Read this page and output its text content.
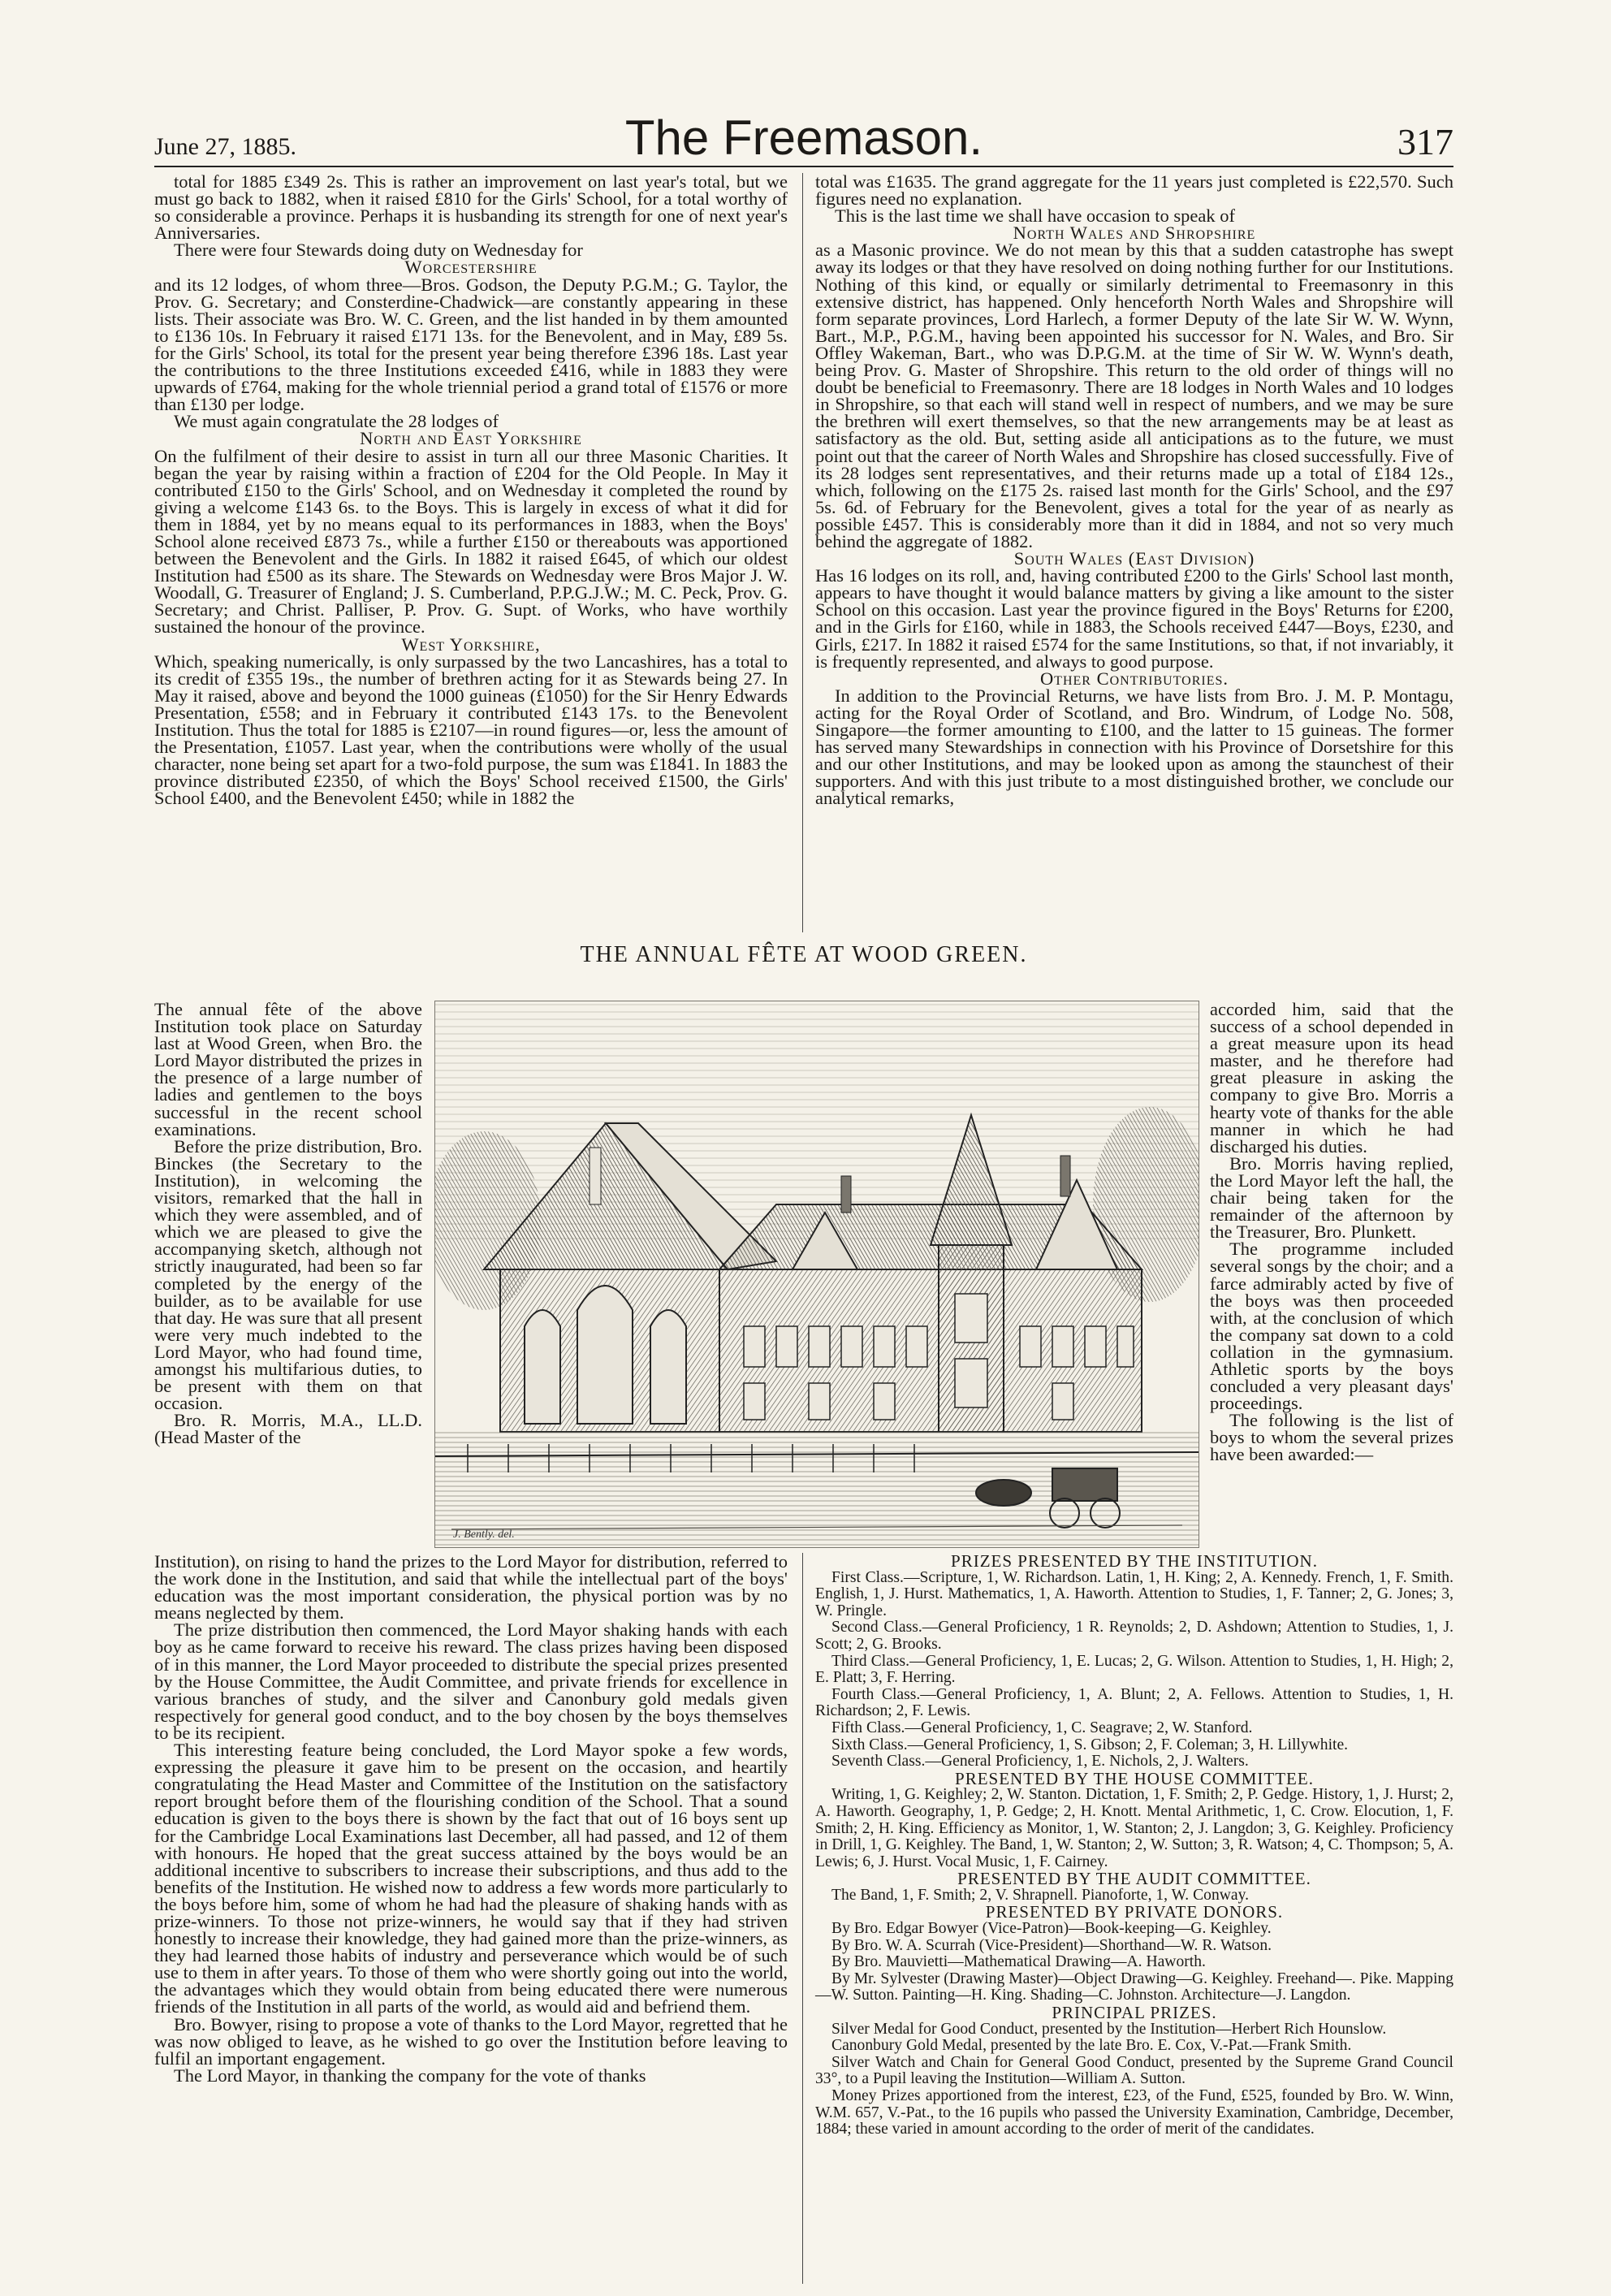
June 27, 1885.	The Freemason.	317

total for 1885 £349 2s. This is rather an improvement on last year's total, but we must go back to 1882, when it raised £810 for the Girls' School, for a total worthy of so considerable a province. Perhaps it is husbanding its strength for one of next year's Anniversaries.

There were four Stewards doing duty on Wednesday for

Worcestershire

and its 12 lodges, of whom three—Bros. Godson, the Deputy P.G.M.; G. Taylor, the Prov. G. Secretary; and Consterdine-Chadwick—are constantly appearing in these lists. Their associate was Bro. W. C. Green, and the list handed in by them amounted to £136 10s. In February it raised £171 13s. for the Benevolent, and in May, £89 5s. for the Girls' School, its total for the present year being therefore £396 18s. Last year the contributions to the three Institutions exceeded £416, while in 1883 they were upwards of £764, making for the whole triennial period a grand total of £1576 or more than £130 per lodge.

We must again congratulate the 28 lodges of

North and East Yorkshire

On the fulfilment of their desire to assist in turn all our three Masonic Charities. It began the year by raising within a fraction of £204 for the Old People. In May it contributed £150 to the Girls' School, and on Wednesday it completed the round by giving a welcome £143 6s. to the Boys. This is largely in excess of what it did for them in 1884, yet by no means equal to its performances in 1883, when the Boys' School alone received £873 7s., while a further £150 or thereabouts was apportioned between the Benevolent and the Girls. In 1882 it raised £645, of which our oldest Institution had £500 as its share. The Stewards on Wednesday were Bros Major J. W. Woodall, G. Treasurer of England; J. S. Cumberland, P.P.G.J.W.; M. C. Peck, Prov. G. Secretary; and Christ. Palliser, P. Prov. G. Supt. of Works, who have worthily sustained the honour of the province.

West Yorkshire,

Which, speaking numerically, is only surpassed by the two Lancashires, has a total to its credit of £355 19s., the number of brethren acting for it as Stewards being 27. In May it raised, above and beyond the 1000 guineas (£1050) for the Sir Henry Edwards Presentation, £558; and in February it contributed £143 17s. to the Benevolent Institution. Thus the total for 1885 is £2107—in round figures—or, less the amount of the Presentation, £1057. Last year, when the contributions were wholly of the usual character, none being set apart for a two-fold purpose, the sum was £1841. In 1883 the province distributed £2350, of which the Boys' School received £1500, the Girls' School £400, and the Benevolent £450; while in 1882 the

total was £1635. The grand aggregate for the 11 years just completed is £22,570. Such figures need no explanation.

This is the last time we shall have occasion to speak of

North Wales and Shropshire

as a Masonic province. We do not mean by this that a sudden catastrophe has swept away its lodges or that they have resolved on doing nothing further for our Institutions. Nothing of this kind, or equally or similarly detrimental to Freemasonry in this extensive district, has happened. Only henceforth North Wales and Shropshire will form separate provinces, Lord Harlech, a former Deputy of the late Sir W. W. Wynn, Bart., M.P., P.G.M., having been appointed his successor for N. Wales, and Bro. Sir Offley Wakeman, Bart., who was D.P.G.M. at the time of Sir W. W. Wynn's death, being Prov. G. Master of Shropshire. This return to the old order of things will no doubt be beneficial to Freemasonry. There are 18 lodges in North Wales and 10 lodges in Shropshire, so that each will stand well in respect of numbers, and we may be sure the brethren will exert themselves, so that the new arrangements may be at least as satisfactory as the old. But, setting aside all anticipations as to the future, we must point out that the career of North Wales and Shropshire has closed successfully. Five of its 28 lodges sent representatives, and their returns made up a total of £184 12s., which, following on the £175 2s. raised last month for the Girls' School, and the £97 5s. 6d. of February for the Benevolent, gives a total for the year of as nearly as possible £457. This is considerably more than it did in 1884, and not so very much behind the aggregate of 1882.

South Wales (East Division)

Has 16 lodges on its roll, and, having contributed £200 to the Girls' School last month, appears to have thought it would balance matters by giving a like amount to the sister School on this occasion. Last year the province figured in the Boys' Returns for £200, and in the Girls for £160, while in 1883, the Schools received £447—Boys, £230, and Girls, £217. In 1882 it raised £574 for the same Institutions, so that, if not invariably, it is frequently represented, and always to good purpose.

Other Contributories.

In addition to the Provincial Returns, we have lists from Bro. J. M. P. Montagu, acting for the Royal Order of Scotland, and Bro. Windrum, of Lodge No. 508, Singapore—the former amounting to £100, and the latter to 15 guineas. The former has served many Stewardships in connection with his Province of Dorsetshire for this and our other Institutions, and may be looked upon as among the staunchest of their supporters. And with this just tribute to a most distinguished brother, we conclude our analytical remarks,

THE ANNUAL FÊTE AT WOOD GREEN.

The annual fête of the above Institution took place on Saturday last at Wood Green, when Bro. the Lord Mayor distributed the prizes in the presence of a large number of ladies and gentlemen to the boys successful in the recent school examinations.

Before the prize distribution, Bro. Binckes (the Secretary to the Institution), in welcoming the visitors, remarked that the hall in which they were assembled, and of which we are pleased to give the accompanying sketch, although not strictly inaugurated, had been so far completed by the energy of the builder, as to be available for use that day. He was sure that all present were very much indebted to the Lord Mayor, who had found time, amongst his multifarious duties, to be present with them on that occasion.

Bro. R. Morris, M.A., LL.D. (Head Master of the

J. Bently. del.

accorded him, said that the success of a school depended in a great measure upon its head master, and he therefore had great pleasure in asking the company to give Bro. Morris a hearty vote of thanks for the able manner in which he had discharged his duties.

Bro. Morris having replied, the Lord Mayor left the hall, the chair being taken for the remainder of the afternoon by the Treasurer, Bro. Plunkett.

The programme included several songs by the choir; and a farce admirably acted by five of the boys was then proceeded with, at the conclusion of which the company sat down to a cold collation in the gymnasium. Athletic sports by the boys concluded a very pleasant days' proceedings.

The following is the list of boys to whom the several prizes have been awarded:—

Institution), on rising to hand the prizes to the Lord Mayor for distribution, referred to the work done in the Institution, and said that while the intellectual part of the boys' education was the most important consideration, the physical portion was by no means neglected by them.

The prize distribution then commenced, the Lord Mayor shaking hands with each boy as he came forward to receive his reward. The class prizes having been disposed of in this manner, the Lord Mayor proceeded to distribute the special prizes presented by the House Committee, the Audit Committee, and private friends for excellence in various branches of study, and the silver and Canonbury gold medals given respectively for general good conduct, and to the boy chosen by the boys themselves to be its recipient.

This interesting feature being concluded, the Lord Mayor spoke a few words, expressing the pleasure it gave him to be present on the occasion, and heartily congratulating the Head Master and Committee of the Institution on the satisfactory report brought before them of the flourishing condition of the School. That a sound education is given to the boys there is shown by the fact that out of 16 boys sent up for the Cambridge Local Examinations last December, all had passed, and 12 of them with honours. He hoped that the great success attained by the boys would be an additional incentive to subscribers to increase their subscriptions, and thus add to the benefits of the Institution. He wished now to address a few words more particularly to the boys before him, some of whom he had had the pleasure of shaking hands with as prize-winners. To those not prize-winners, he would say that if they had striven honestly to increase their knowledge, they had gained more than the prize-winners, as they had learned those habits of industry and perseverance which would be of such use to them in after years. To those of them who were shortly going out into the world, the advantages which they would obtain from being educated there were numerous friends of the Institution in all parts of the world, as would aid and befriend them.

Bro. Bowyer, rising to propose a vote of thanks to the Lord Mayor, regretted that he was now obliged to leave, as he wished to go over the Institution before leaving to fulfil an important engagement.

The Lord Mayor, in thanking the company for the vote of thanks

PRIZES PRESENTED BY THE INSTITUTION.

First Class.—Scripture, 1, W. Richardson. Latin, 1, H. King; 2, A. Kennedy. French, 1, F. Smith. English, 1, J. Hurst. Mathematics, 1, A. Haworth. Attention to Studies, 1, F. Tanner; 2, G. Jones; 3, W. Pringle.

Second Class.—General Proficiency, 1 R. Reynolds; 2, D. Ashdown; Attention to Studies, 1, J. Scott; 2, G. Brooks.

Third Class.—General Proficiency, 1, E. Lucas; 2, G. Wilson. Attention to Studies, 1, H. High; 2, E. Platt; 3, F. Herring.

Fourth Class.—General Proficiency, 1, A. Blunt; 2, A. Fellows. Attention to Studies, 1, H. Richardson; 2, F. Lewis.

Fifth Class.—General Proficiency, 1, C. Seagrave; 2, W. Stanford.

Sixth Class.—General Proficiency, 1, S. Gibson; 2, F. Coleman; 3, H. Lillywhite.

Seventh Class.—General Proficiency, 1, E. Nichols, 2, J. Walters.

PRESENTED BY THE HOUSE COMMITTEE.

Writing, 1, G. Keighley; 2, W. Stanton. Dictation, 1, F. Smith; 2, P. Gedge. History, 1, J. Hurst; 2, A. Haworth. Geography, 1, P. Gedge; 2, H. Knott. Mental Arithmetic, 1, C. Crow. Elocution, 1, F. Smith; 2, H. King. Efficiency as Monitor, 1, W. Stanton; 2, J. Langdon; 3, G. Keighley. Proficiency in Drill, 1, G. Keighley. The Band, 1, W. Stanton; 2, W. Sutton; 3, R. Watson; 4, C. Thompson; 5, A. Lewis; 6, J. Hurst. Vocal Music, 1, F. Cairney.

PRESENTED BY THE AUDIT COMMITTEE.

The Band, 1, F. Smith; 2, V. Shrapnell. Pianoforte, 1, W. Conway.

PRESENTED BY PRIVATE DONORS.

By Bro. Edgar Bowyer (Vice-Patron)—Book-keeping—G. Keighley.

By Bro. W. A. Scurrah (Vice-President)—Shorthand—W. R. Watson.

By Bro. Mauvietti—Mathematical Drawing—A. Haworth.

By Mr. Sylvester (Drawing Master)—Object Drawing—G. Keighley. Freehand—. Pike. Mapping—W. Sutton. Painting—H. King. Shading—C. Johnston. Architecture—J. Langdon.

PRINCIPAL PRIZES.

Silver Medal for Good Conduct, presented by the Institution—Herbert Rich Hounslow.

Canonbury Gold Medal, presented by the late Bro. E. Cox, V.-Pat.—Frank Smith.

Silver Watch and Chain for General Good Conduct, presented by the Supreme Grand Council 33°, to a Pupil leaving the Institution—William A. Sutton.

Money Prizes apportioned from the interest, £23, of the Fund, £525, founded by Bro. W. Winn, W.M. 657, V.-Pat., to the 16 pupils who passed the University Examination, Cambridge, December, 1884; these varied in amount according to the order of merit of the candidates.
